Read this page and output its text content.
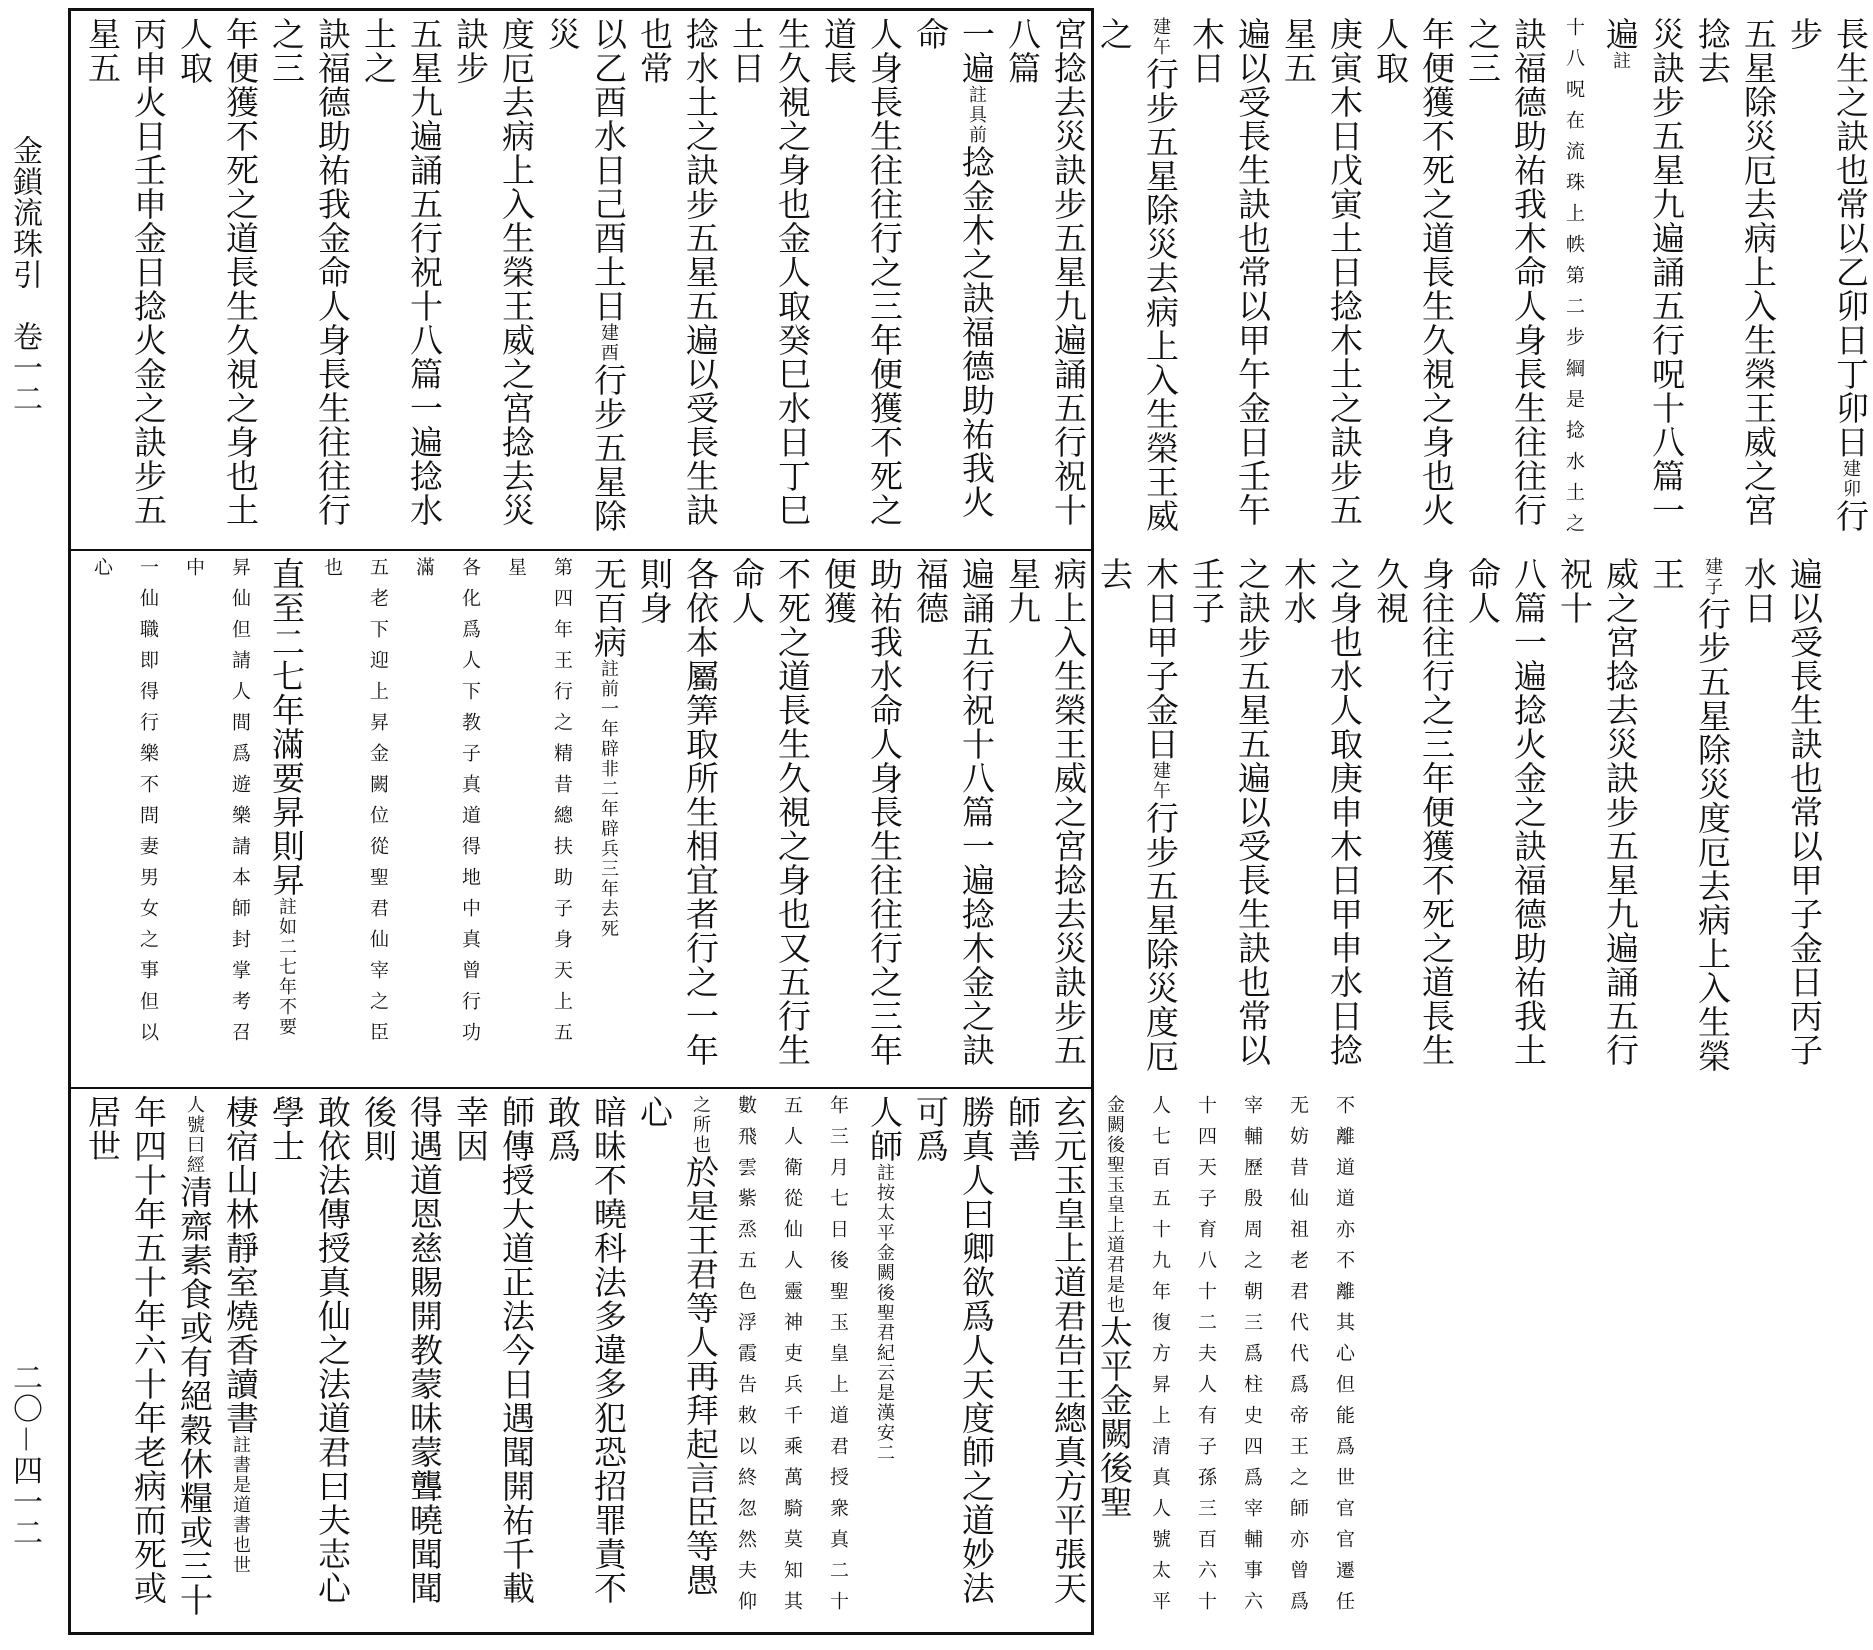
金鎖流珠引　卷一二
二〇－四一二
長生之訣也常以乙卯日丁卯日建卯行步
五星除災厄去病上入生榮王威之宮捻去
災訣步五星九遍誦五行呪十八篇一遍註
十八呪在流珠上帙第二步綱是捻水土之
訣福德助祐我木命人身長生往往行之三
年便獲不死之道長生久視之身也火人取
庚寅木日戊寅土日捻木土之訣步五星五
遍以受長生訣也常以甲午金日壬午木日
建午行步五星除災去病上入生榮王威之
宮捻去災訣步五星九遍誦五行祝十八篇
一遍註具前捻金木之訣福德助祐我火命
人身長生往往行之三年便獲不死之道長
生久視之身也金人取癸巳水日丁巳土日
捻水土之訣步五星五遍以受長生訣也常
以乙酉水日己酉土日建酉行步五星除災
度厄去病上入生榮王威之宮捻去災訣步
五星九遍誦五行祝十八篇一遍捻水土之
訣福德助祐我金命人身長生往往行之三
年便獲不死之道長生久視之身也土人取
丙申火日壬申金日捻火金之訣步五星五
遍以受長生訣也常以甲子金日丙子水日
建子行步五星除災度厄去病上入生榮王
威之宮捻去災訣步五星九遍誦五行祝十
八篇一遍捻火金之訣福德助祐我土命人
身往往行之三年便獲不死之道長生久視
之身也水人取庚申木日甲申水日捻木水
之訣步五星五遍以受長生訣也常以壬子
木日甲子金日建午行步五星除災度厄去
病上入生榮王威之宮捻去災訣步五星九
遍誦五行祝十八篇一遍捻木金之訣福德
助祐我水命人身長生往往行之三年便獲
不死之道長生久視之身也又五行生命人
各依本屬筭取所生相宜者行之一年則身
无百病註前一年辟非二年辟兵三年去死
第四年王行之精昔總扶助子身天上五星
各化爲人下教子真道得地中真曾行功滿
五老下迎上昇金闕位從聖君仙宰之臣也
直至二七年滿要昇則昇註如二七年不要
昇仙但請人間爲遊樂請本師封掌考召中
一仙職即得行樂不問妻男女之事但以心
不離道道亦不離其心但能爲世官官遷任
无妨昔仙祖老君代代爲帝王之師亦曾爲
宰輔歷殷周之朝三爲柱史四爲宰輔事六
十四天子育八十二夫人有子孫三百六十
人七百五十九年復方昇上清真人號太平
金闕後聖玉皇上道君是也太平金闕後聖
玄元玉皇上道君告王總真方平張天師善
勝真人曰卿欲爲人天度師之道妙法可爲
人師註按太平金闕後聖君紀云是漢安二
年三月七日後聖玉皇上道君授衆真二十
五人衛從仙人靈神吏兵千乘萬騎莫知其
數飛雲紫烝五色浮霞告敕以終忽然夫仰
之所也於是王君等人再拜起言臣等愚心
暗昧不曉科法多違多犯恐招罪責不敢爲
師傳授大道正法今日遇聞開祐千載幸因
得遇道恩慈賜開教蒙昧蒙聾曉聞聞後則
敢依法傳授真仙之法道君曰夫志心學士
棲宿山林靜室燒香讀書註書是道書也世
人號曰經清齋素食或有絕穀休糧或三十
年四十年五十年六十年老病而死或居世
